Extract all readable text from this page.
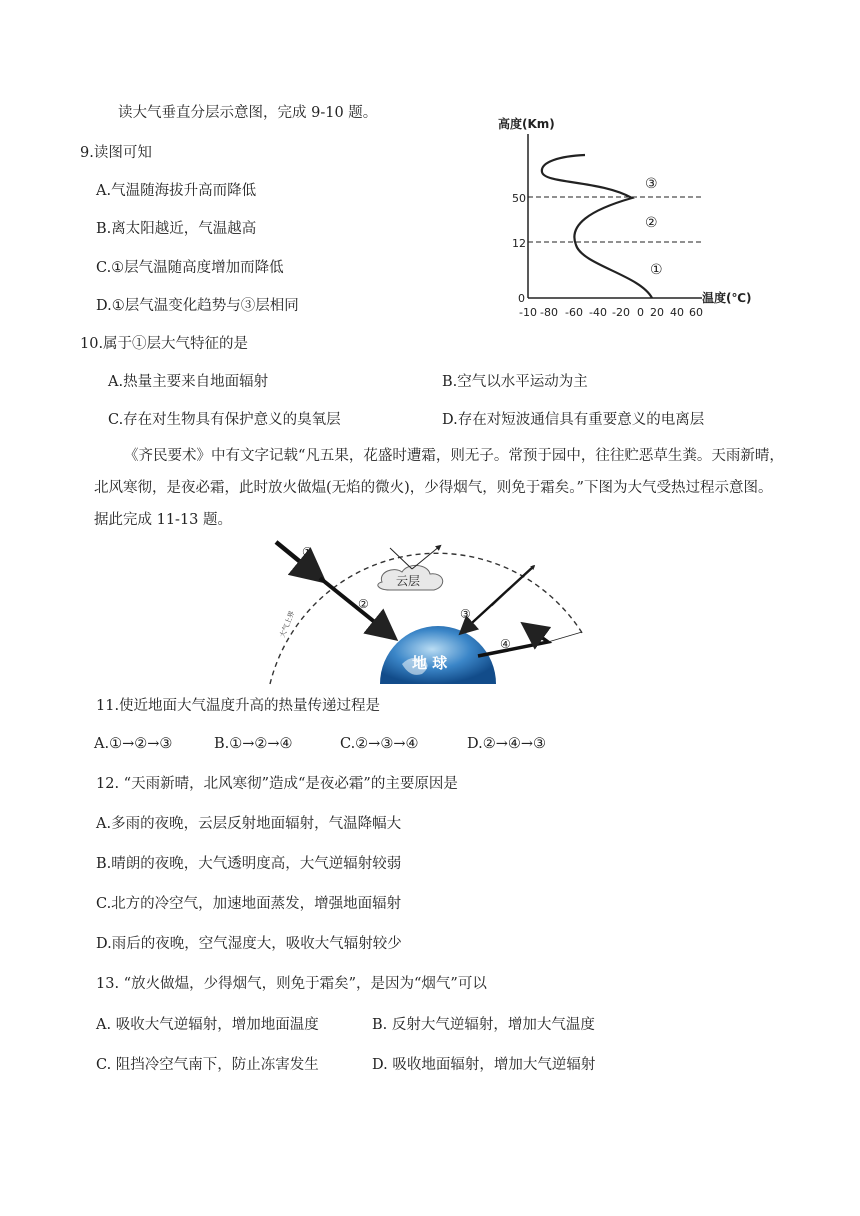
读大气垂直分层示意图，完成 9-10 题。
9.读图可知
A.气温随海拔升高而降低
B.离太阳越近，气温越高
C.①层气温随高度增加而降低
D.①层气温变化趋势与③层相同
高度(Km)
温度(℃)
50
12
0
-10 -80 -60 -40 -20 0 20 40 60
③
②
①
10.属于①层大气特征的是
A.热量主要来自地面辐射	B.空气以水平运动为主
C.存在对生物具有保护意义的臭氧层	D.存在对短波通信具有重要意义的电离层
《齐民要术》中有文字记载“凡五果，花盛时遭霜，则无子。常预于园中，往往贮恶草生粪。天雨新晴，北风寒彻，是夜必霜，此时放火做煴(无焰的微火)，少得烟气，则免于霜矣。”下图为大气受热过程示意图。据此完成 11-13 题。
大气上界
地 球
云层
①
②
③
④
11.使近地面大气温度升高的热量传递过程是
A.①→②→③	B.①→②→④	C.②→③→④	D.②→④→③
12. “天雨新晴，北风寒彻”造成“是夜必霜”的主要原因是
A.多雨的夜晚，云层反射地面辐射，气温降幅大
B.晴朗的夜晚，大气透明度高，大气逆辐射较弱
C.北方的冷空气，加速地面蒸发，增强地面辐射
D.雨后的夜晚，空气湿度大，吸收大气辐射较少
13. “放火做煴，少得烟气，则免于霜矣”，是因为“烟气”可以
A. 吸收大气逆辐射，增加地面温度	B. 反射大气逆辐射，增加大气温度
C. 阻挡冷空气南下，防止冻害发生	D. 吸收地面辐射，增加大气逆辐射
